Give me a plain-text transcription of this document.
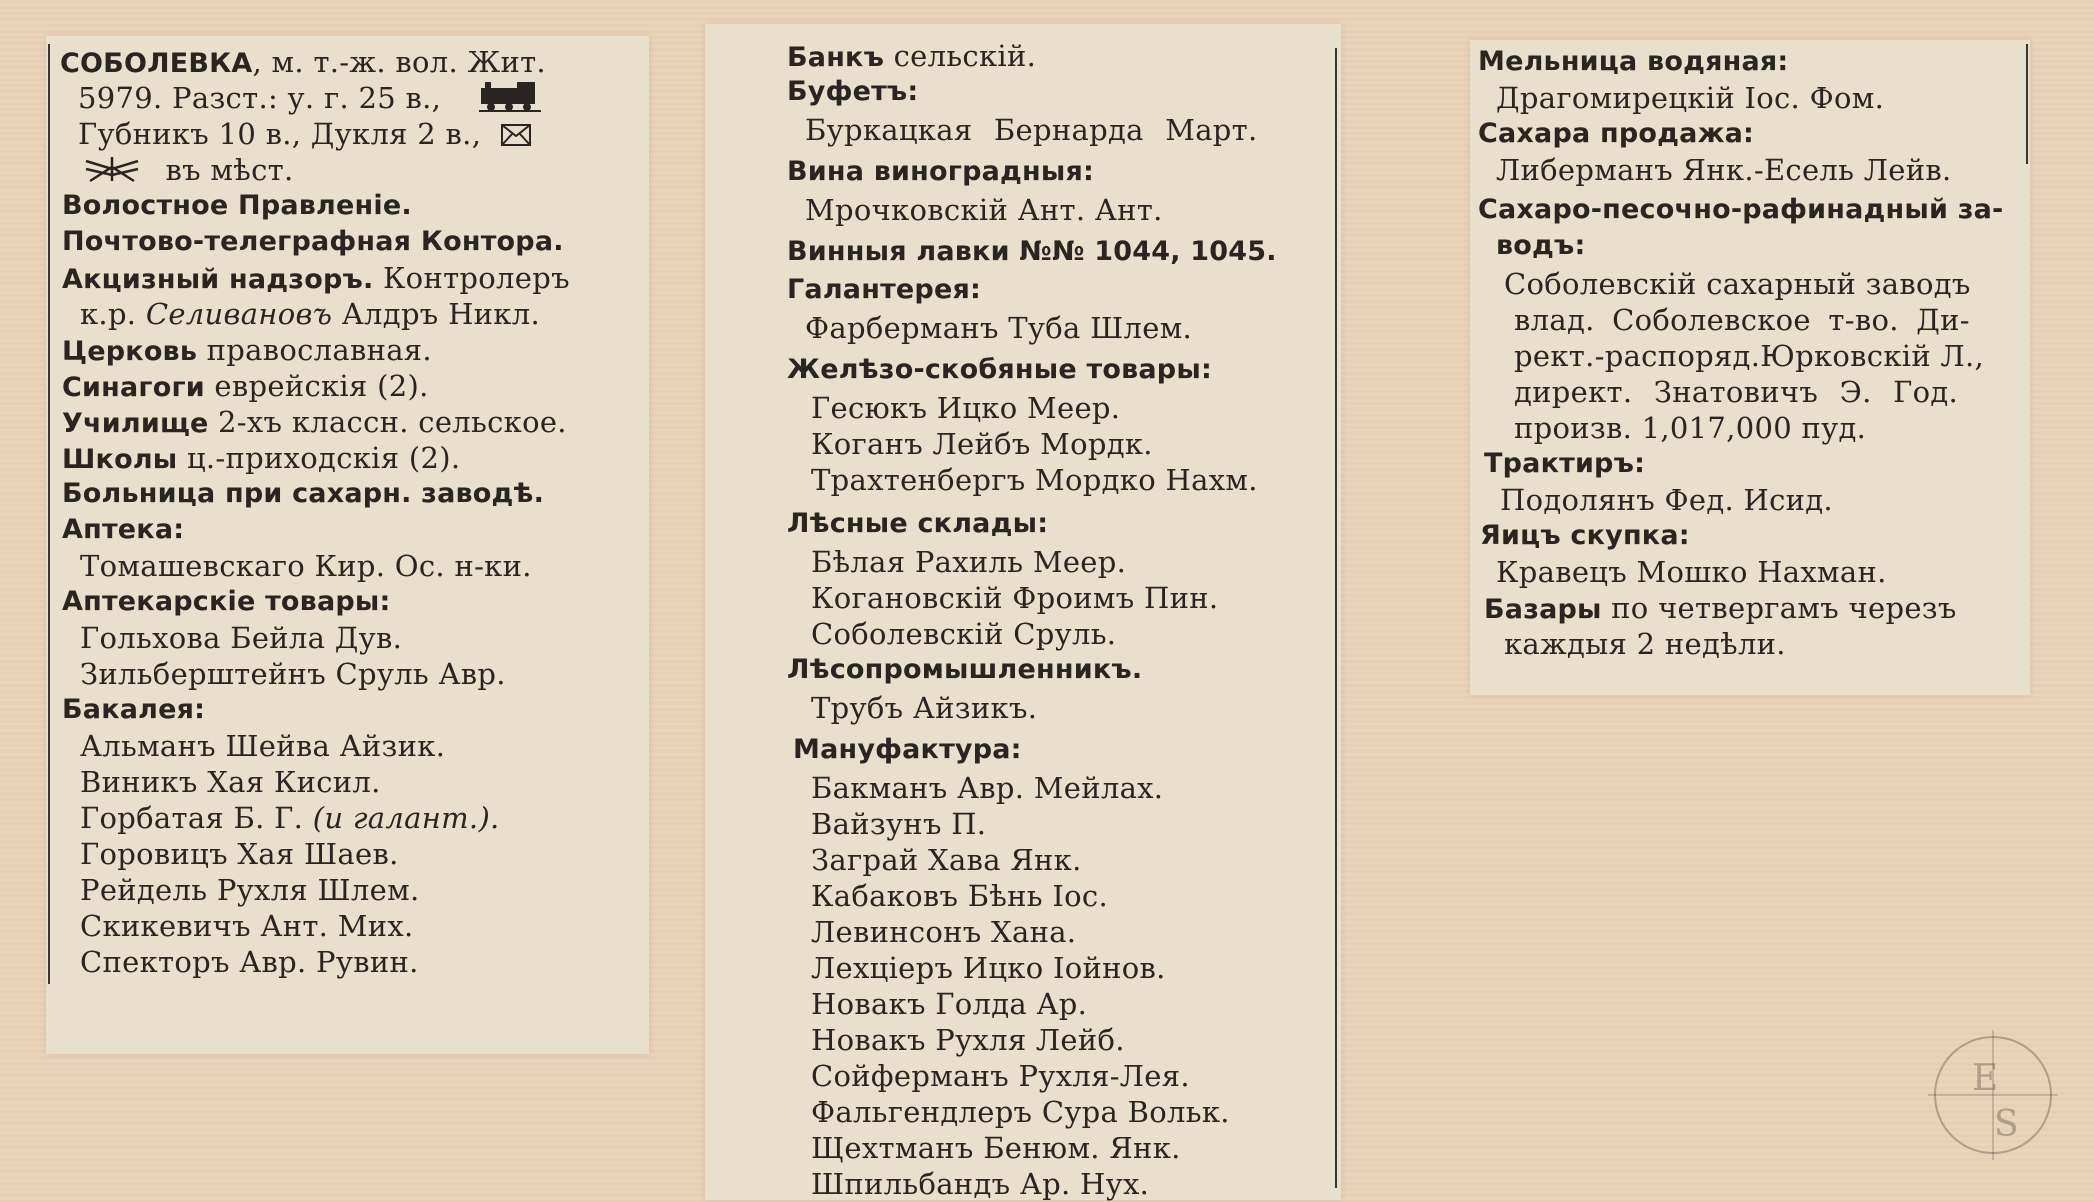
СОБОЛЕВКА, м. т.-ж. вол. Жит.
5979. Разст.: у. г. 25 в.,
Губникъ 10 в., Дукля 2 в.,
въ мѣст.
Волостное Правленіе.
Почтово-телеграфная Контора.
Акцизный надзоръ. Контролеръ
к.р. Селивановъ Алдръ Никл.
Церковь православная.
Синагоги еврейскія (2).
Училище 2-хъ классн. сельское.
Школы ц.-приходскія (2).
Больница при сахарн. заводѣ.
Аптека:
Томашевскаго Кир. Ос. н-ки.
Аптекарскіе товары:
Гольхова Бейла Дув.
Зильберштейнъ Сруль Авр.
Бакалея:
Альманъ Шейва Айзик.
Виникъ Хая Кисил.
Горбатая Б. Г. (и галант.).
Горовицъ Хая Шаев.
Рейдель Рухля Шлем.
Скикевичъ Ант. Мих.
Спекторъ Авр. Рувин.
Банкъ сельскій.
Буфетъ:
Буркацкая Бернарда Март.
Вина виноградныя:
Мрочковскій Ант. Ант.
Винныя лавки №№ 1044, 1045.
Галантерея:
Фарберманъ Туба Шлем.
Желѣзо-скобяные товары:
Гесюкъ Ицко Меер.
Коганъ Лейбъ Мордк.
Трахтенбергъ Мордко Нахм.
Лѣсные склады:
Бѣлая Рахиль Меер.
Когановскій Фроимъ Пин.
Соболевскій Сруль.
Лѣсопромышленникъ.
Трубъ Айзикъ.
Мануфактура:
Бакманъ Авр. Мейлах.
Вайзунъ П.
Заграй Хава Янк.
Кабаковъ Бѣнь Іос.
Левинсонъ Хана.
Лехціеръ Ицко Іойнов.
Новакъ Голда Ар.
Новакъ Рухля Лейб.
Сойферманъ Рухля-Лея.
Фальгендлеръ Сура Вольк.
Щехтманъ Бенюм. Янк.
Шпильбандъ Ар. Нух.
Мельница водяная:
Драгомирецкій Іос. Фом.
Сахара продажа:
Либерманъ Янк.-Есель Лейв.
Сахаро-песочно-рафинадный за-
водъ:
Соболевскій сахарный заводъ
влад. Соболевское т-во. Ди-
рект.-распоряд.Юрковскій Л.,
директ. Знатовичъ Э. Год.
произв. 1,017,000 пуд.
Трактиръ:
Подолянъ Фед. Исид.
Яицъ скупка:
Кравецъ Мошко Нахман.
Базары по четвергамъ черезъ
каждыя 2 недѣли.
E
S
